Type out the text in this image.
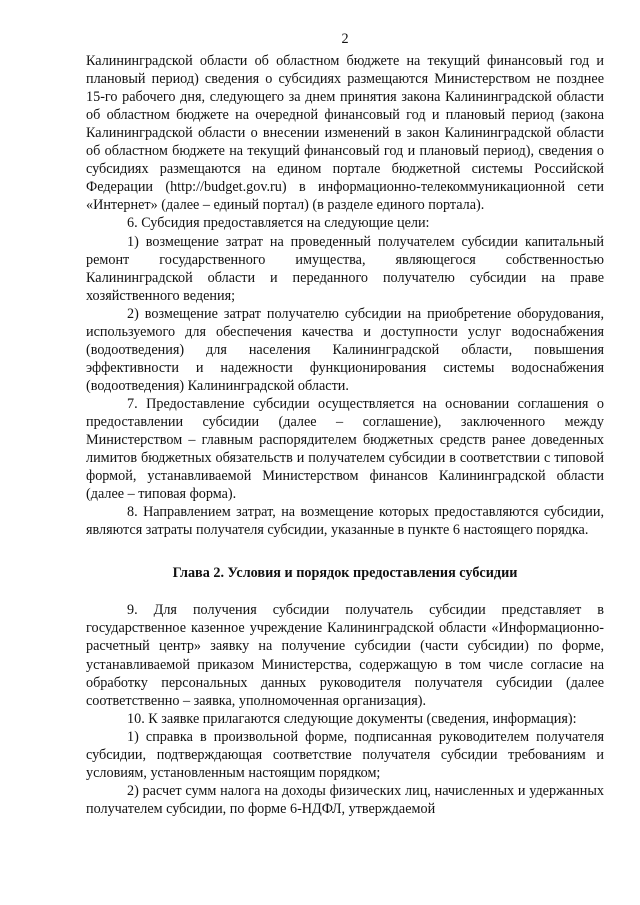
2

Калининградской области об областном бюджете на текущий финансовый год и плановый период) сведения о субсидиях размещаются Министерством не позднее 15-го рабочего дня, следующего за днем принятия закона Калининградской области об областном бюджете на очередной финансовый год и плановый период (закона Калининградской области о внесении изменений в закон Калининградской области об областном бюджете на текущий финансовый год и плановый период), сведения о субсидиях размещаются на едином портале бюджетной системы Российской Федерации (http://budget.gov.ru) в информационно-телекоммуникационной сети «Интернет» (далее – единый портал) (в разделе единого портала).

6. Субсидия предоставляется на следующие цели:

1) возмещение затрат на проведенный получателем субсидии капитальный ремонт государственного имущества, являющегося собственностью Калининградской области и переданного получателю субсидии на праве хозяйственного ведения;

2) возмещение затрат получателю субсидии на приобретение оборудования, используемого для обеспечения качества и доступности услуг водоснабжения (водоотведения) для населения Калининградской области, повышения эффективности и надежности функционирования системы водоснабжения (водоотведения) Калининградской области.

7. Предоставление субсидии осуществляется на основании соглашения о предоставлении субсидии (далее – соглашение), заключенного между Министерством – главным распорядителем бюджетных средств ранее доведенных лимитов бюджетных обязательств и получателем субсидии в соответствии с типовой формой, устанавливаемой Министерством финансов Калининградской области (далее – типовая форма).

8. Направлением затрат, на возмещение которых предоставляются субсидии, являются затраты получателя субсидии, указанные в пункте 6 настоящего порядка.

Глава 2. Условия и порядок предоставления субсидии

9. Для получения субсидии получатель субсидии представляет в государственное казенное учреждение Калининградской области «Информационно-расчетный центр» заявку на получение субсидии (части субсидии) по форме, устанавливаемой приказом Министерства, содержащую в том числе согласие на обработку персональных данных руководителя получателя субсидии (далее соответственно – заявка, уполномоченная организация).

10. К заявке прилагаются следующие документы (сведения, информация):

1) справка в произвольной форме, подписанная руководителем получателя субсидии, подтверждающая соответствие получателя субсидии требованиям и условиям, установленным настоящим порядком;

2) расчет сумм налога на доходы физических лиц, начисленных и удержанных получателем субсидии, по форме 6-НДФЛ, утверждаемой
